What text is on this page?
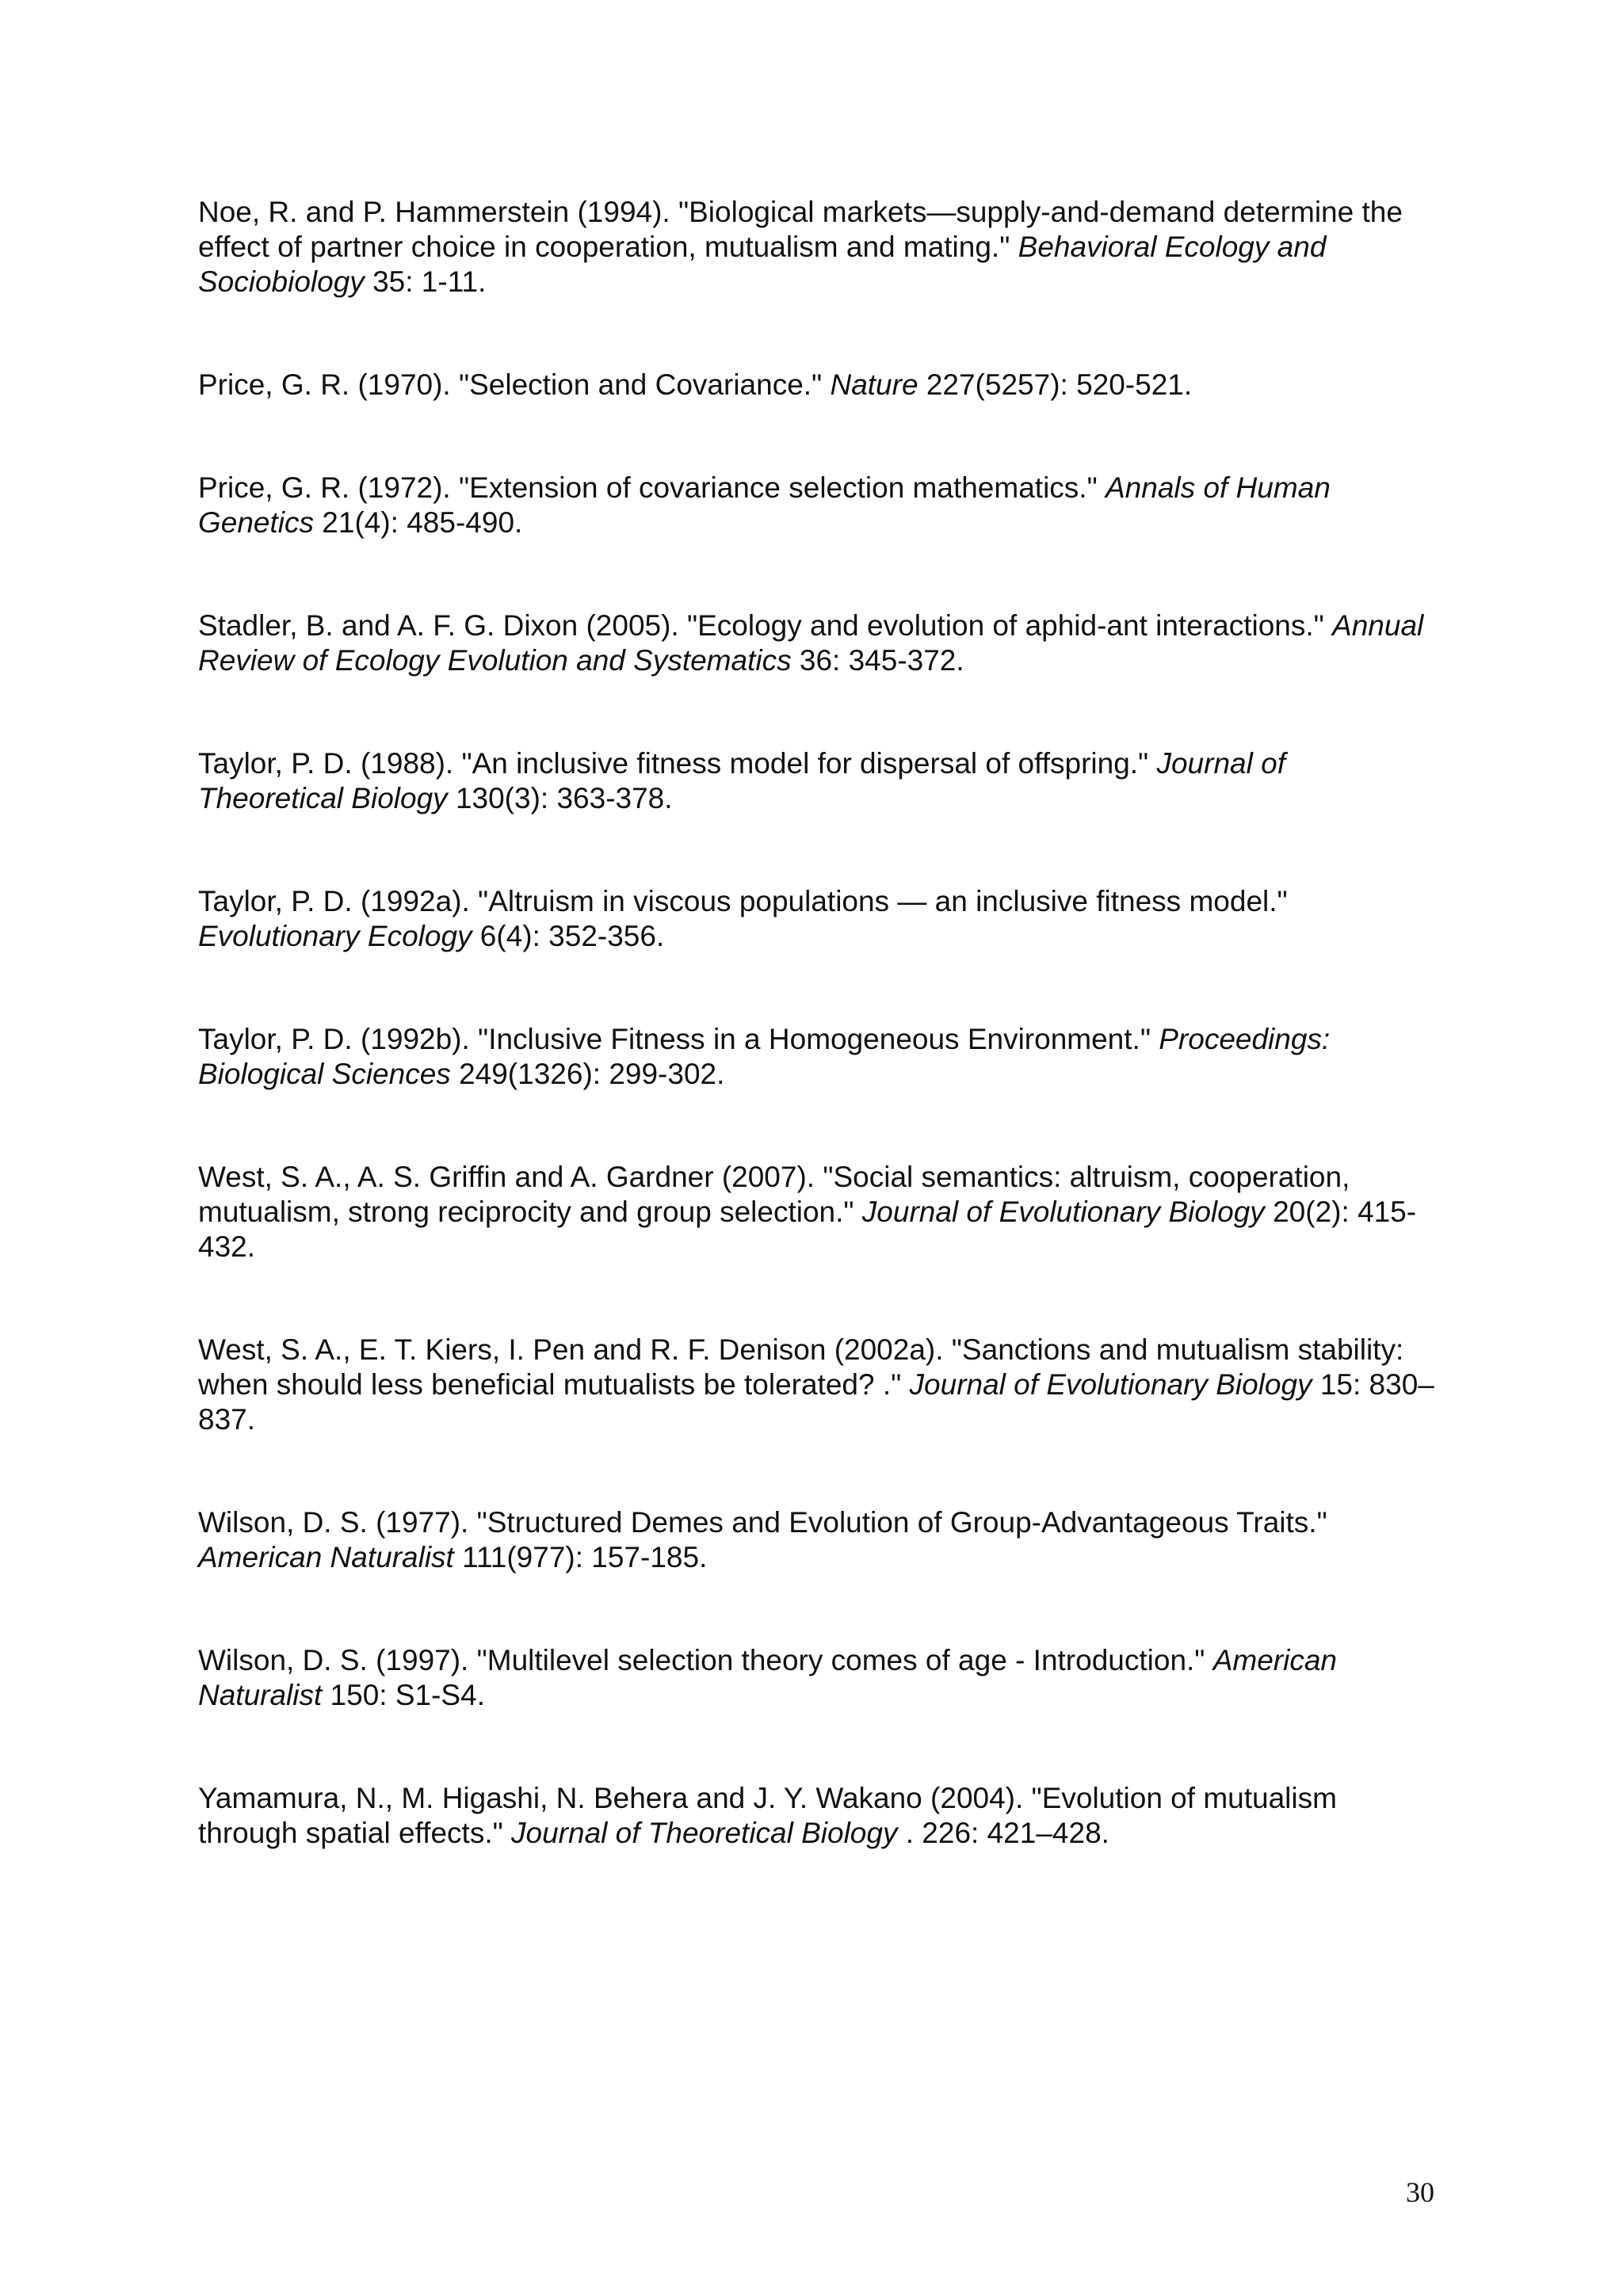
Noe, R. and P. Hammerstein (1994). "Biological markets—supply-and-demand determine the effect of partner choice in cooperation, mutualism and mating." Behavioral Ecology and Sociobiology 35: 1-11.

Price, G. R. (1970). "Selection and Covariance." Nature 227(5257): 520-521.

Price, G. R. (1972). "Extension of covariance selection mathematics." Annals of Human Genetics 21(4): 485-490.

Stadler, B. and A. F. G. Dixon (2005). "Ecology and evolution of aphid-ant interactions." Annual Review of Ecology Evolution and Systematics 36: 345-372.

Taylor, P. D. (1988). "An inclusive fitness model for dispersal of offspring." Journal of Theoretical Biology 130(3): 363-378.

Taylor, P. D. (1992a). "Altruism in viscous populations — an inclusive fitness model." Evolutionary Ecology 6(4): 352-356.

Taylor, P. D. (1992b). "Inclusive Fitness in a Homogeneous Environment." Proceedings: Biological Sciences 249(1326): 299-302.

West, S. A., A. S. Griffin and A. Gardner (2007). "Social semantics: altruism, cooperation, mutualism, strong reciprocity and group selection." Journal of Evolutionary Biology 20(2): 415-432.

West, S. A., E. T. Kiers, I. Pen and R. F. Denison (2002a). "Sanctions and mutualism stability: when should less beneficial mutualists be tolerated? ." Journal of Evolutionary Biology 15: 830–837.

Wilson, D. S. (1977). "Structured Demes and Evolution of Group-Advantageous Traits." American Naturalist 111(977): 157-185.

Wilson, D. S. (1997). "Multilevel selection theory comes of age - Introduction." American Naturalist 150: S1-S4.

Yamamura, N., M. Higashi, N. Behera and J. Y. Wakano (2004). "Evolution of mutualism through spatial effects." Journal of Theoretical Biology . 226: 421–428.

30
